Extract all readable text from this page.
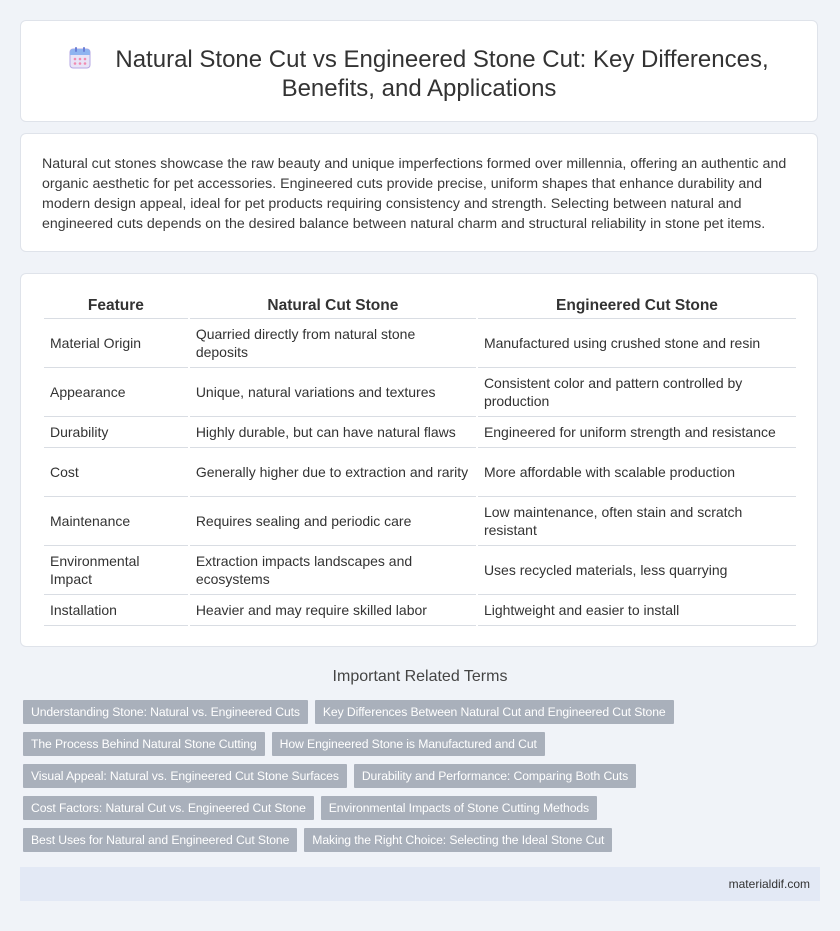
Natural Stone Cut vs Engineered Stone Cut: Key Differences,
Benefits, and Applications

Natural cut stones showcase the raw beauty and unique imperfections formed over millennia, offering an authentic and organic aesthetic for pet accessories. Engineered cuts provide precise, uniform shapes that enhance durability and modern design appeal, ideal for pet products requiring consistency and strength. Selecting between natural and engineered cuts depends on the desired balance between natural charm and structural reliability in stone pet items.

Feature	Natural Cut Stone	Engineered Cut Stone
Material Origin	Quarried directly from natural stone deposits	Manufactured using crushed stone and resin
Appearance	Unique, natural variations and textures	Consistent color and pattern controlled by production
Durability	Highly durable, but can have natural flaws	Engineered for uniform strength and resistance
Cost	Generally higher due to extraction and rarity	More affordable with scalable production
Maintenance	Requires sealing and periodic care	Low maintenance, often stain and scratch resistant
Environmental Impact	Extraction impacts landscapes and ecosystems	Uses recycled materials, less quarrying
Installation	Heavier and may require skilled labor	Lightweight and easier to install
Important Related Terms
Understanding Stone: Natural vs. Engineered Cuts	Key Differences Between Natural Cut and Engineered Cut Stone
The Process Behind Natural Stone Cutting	How Engineered Stone is Manufactured and Cut
Visual Appeal: Natural vs. Engineered Cut Stone Surfaces	Durability and Performance: Comparing Both Cuts
Cost Factors: Natural Cut vs. Engineered Cut Stone	Environmental Impacts of Stone Cutting Methods
Best Uses for Natural and Engineered Cut Stone	Making the Right Choice: Selecting the Ideal Stone Cut
materialdif.com
